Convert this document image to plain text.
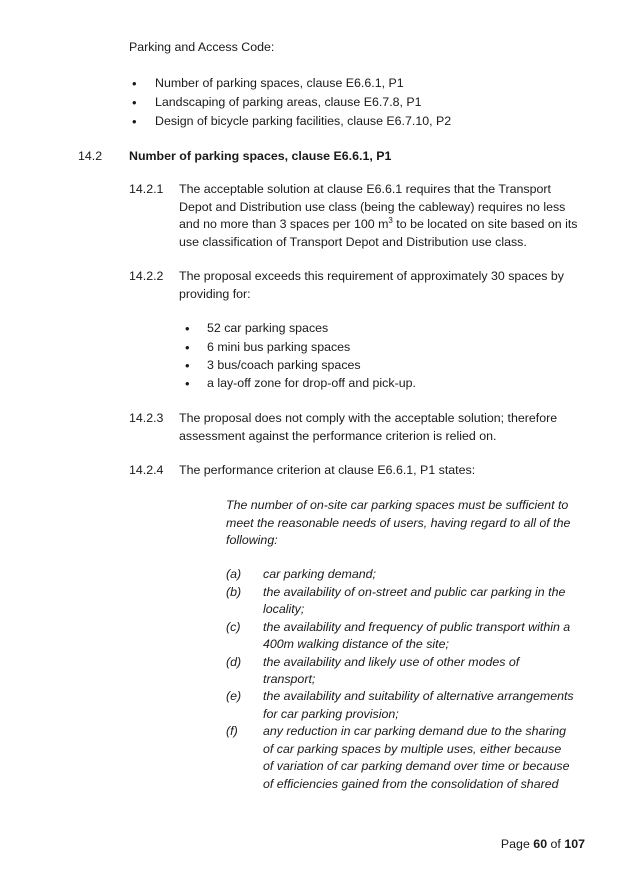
Parking and Access Code:
• Number of parking spaces, clause E6.6.1, P1
• Landscaping of parking areas, clause E6.7.8, P1
• Design of bicycle parking facilities, clause E6.7.10, P2
14.2 Number of parking spaces, clause E6.6.1, P1
14.2.1 The acceptable solution at clause E6.6.1 requires that the Transport
Depot and Distribution use class (being the cableway) requires no less
and no more than 3 spaces per 100 $m^3$ to be located on site based on its
use classification of Transport Depot and Distribution use class.
14.2.2 The proposal exceeds this requirement of approximately 30 spaces by
providing for:
• 52 car parking spaces
• 6 mini bus parking spaces
• 3 bus/coach parking spaces
• a lay-off zone for drop-off and pick-up.
14.2.3 The proposal does not comply with the acceptable solution; therefore
assessment against the performance criterion is relied on.
14.2.4 The performance criterion at clause E6.6.1, P1 states:
The number of on-site car parking spaces must be sufficient to
meet the reasonable needs of users, having regard to all of the
following:
(a) car parking demand;
(b) the availability of on-street and public car parking in the
locality;
(c) the availability and frequency of public transport within a
400m walking distance of the site;
(d) the availability and likely use of other modes of
transport;
(e) the availability and suitability of alternative arrangements
for car parking provision;
(f) any reduction in car parking demand due to the sharing
of car parking spaces by multiple uses, either because
of variation of car parking demand over time or because
of efficiencies gained from the consolidation of shared
Page 60 of 107
